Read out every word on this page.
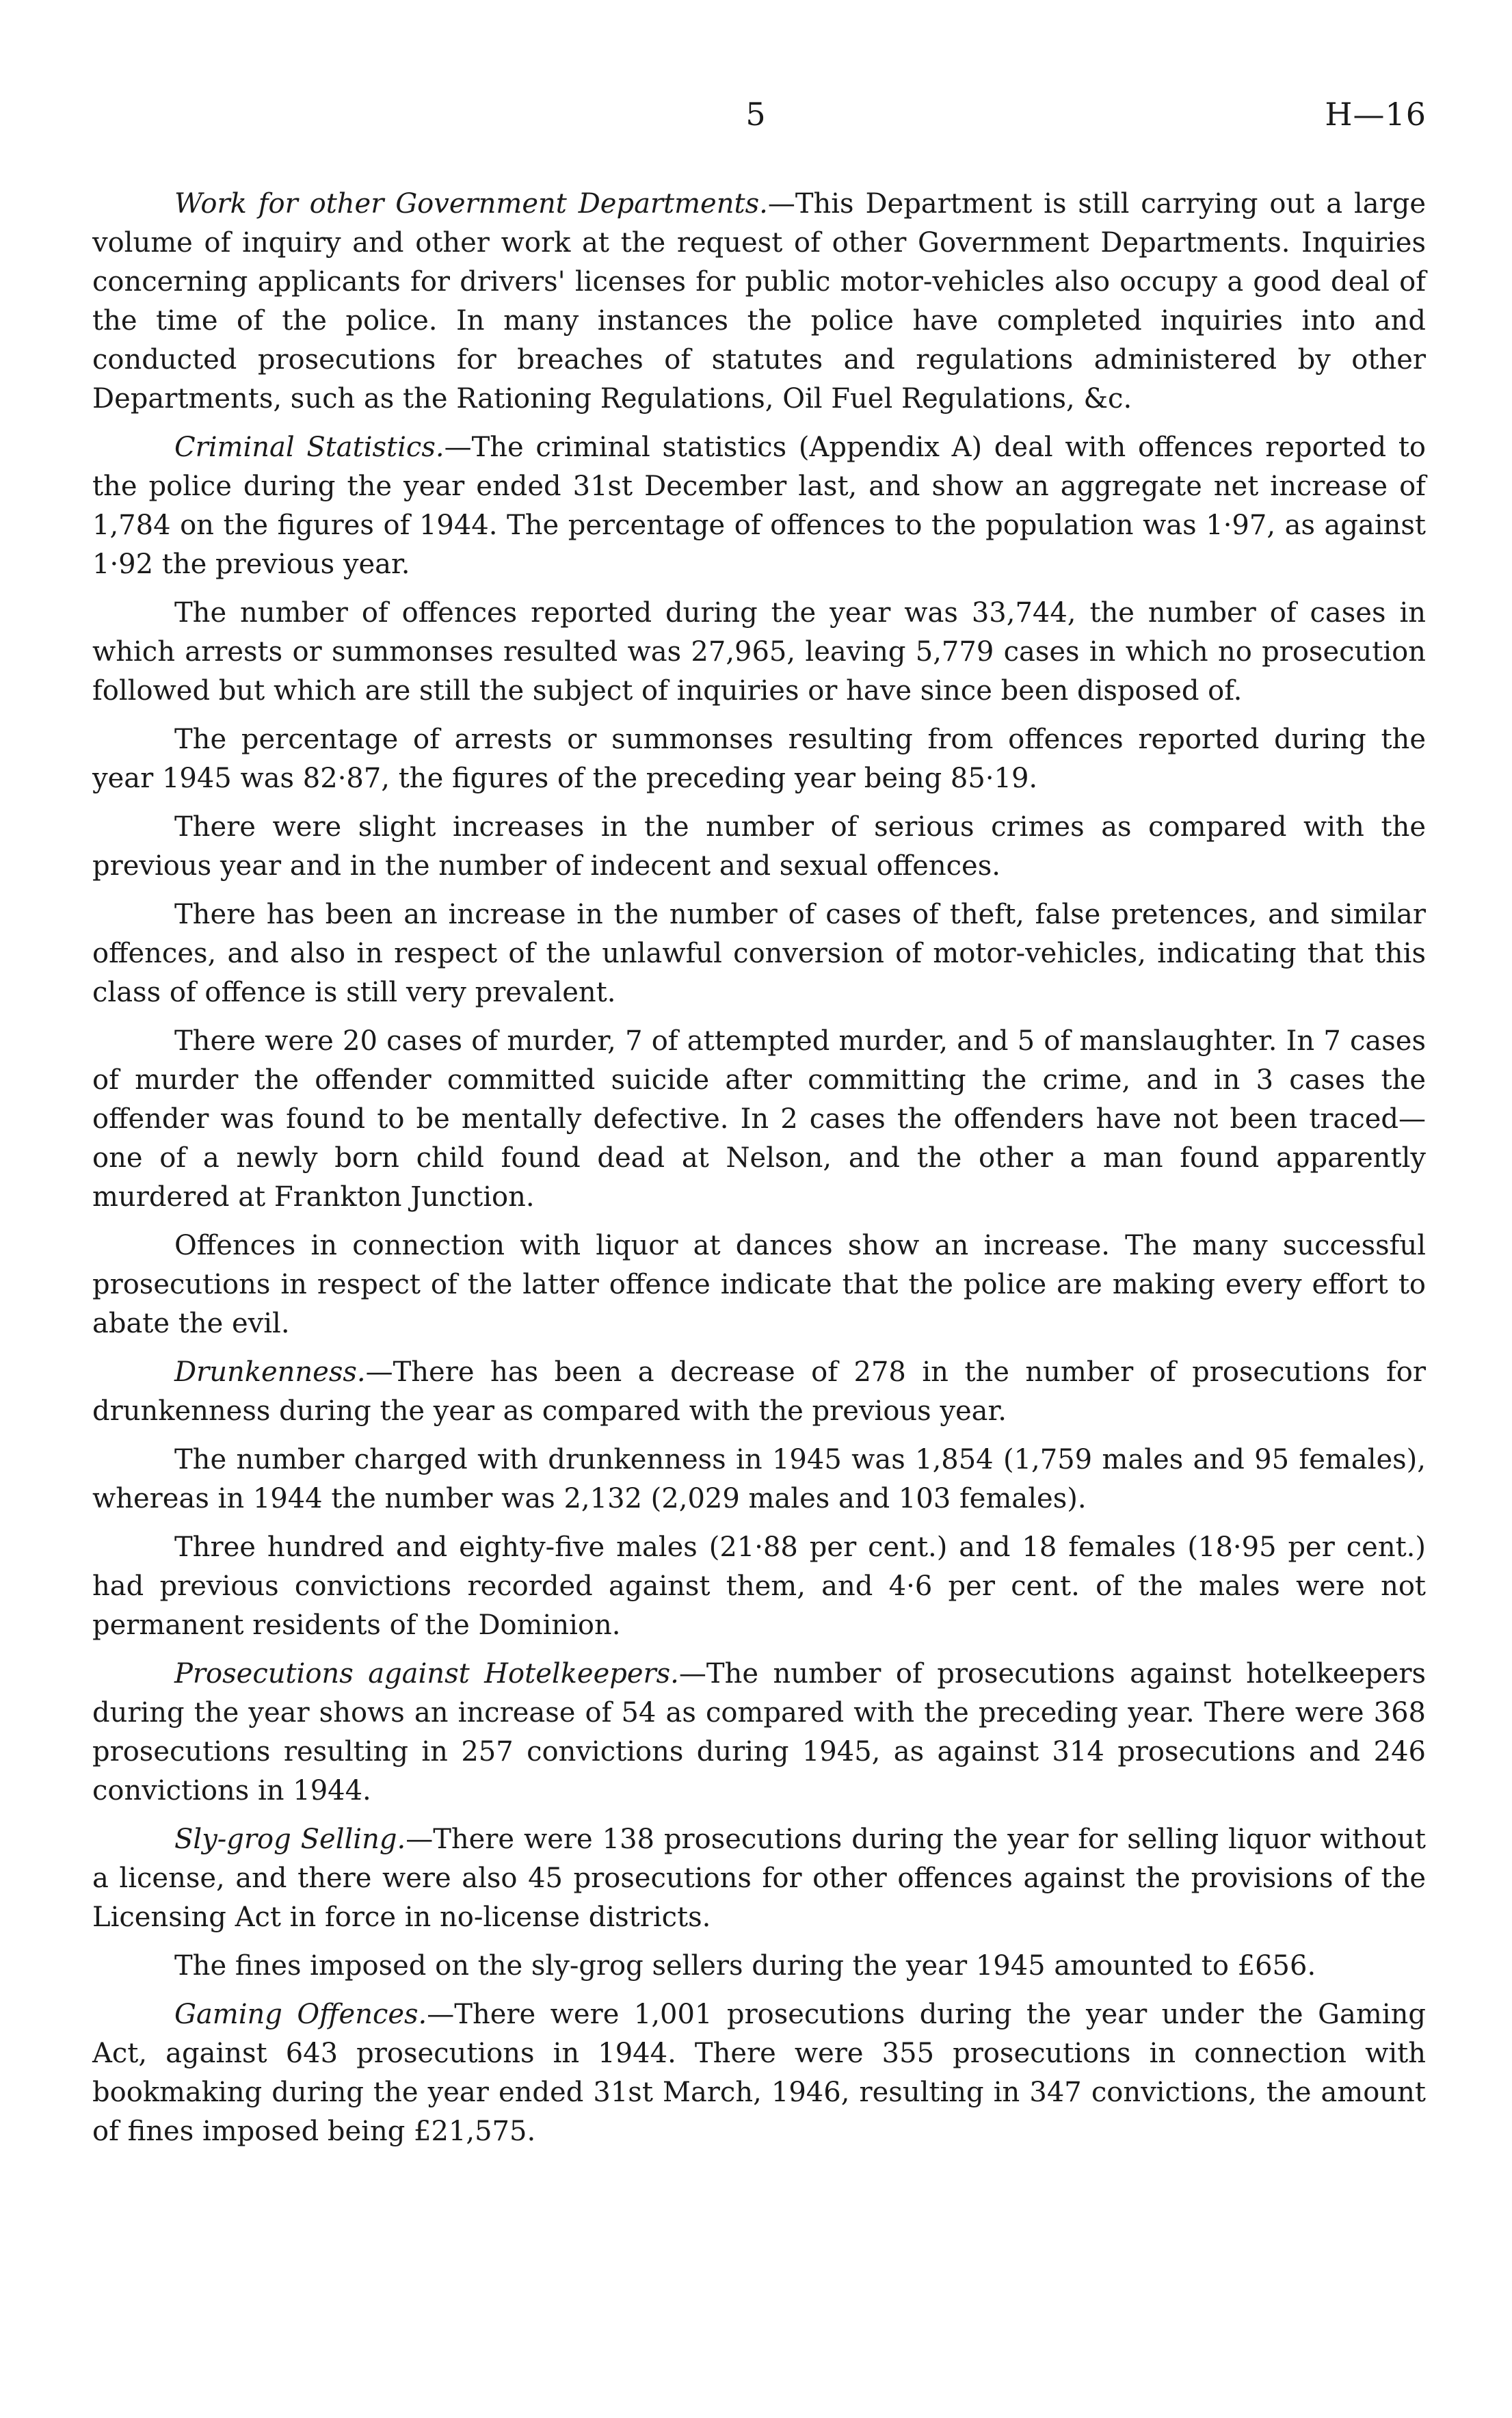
5	H—16

Work for other Government Departments.—This Department is still carrying out a large volume of inquiry and other work at the request of other Government Departments. Inquiries concerning applicants for drivers' licenses for public motor-vehicles also occupy a good deal of the time of the police. In many instances the police have completed inquiries into and conducted prosecutions for breaches of statutes and regulations administered by other Departments, such as the Rationing Regulations, Oil Fuel Regulations, &c.

Criminal Statistics.—The criminal statistics (Appendix A) deal with offences reported to the police during the year ended 31st December last, and show an aggregate net increase of 1,784 on the figures of 1944. The percentage of offences to the population was 1·97, as against 1·92 the previous year.

The number of offences reported during the year was 33,744, the number of cases in which arrests or summonses resulted was 27,965, leaving 5,779 cases in which no prosecution followed but which are still the subject of inquiries or have since been disposed of.

The percentage of arrests or summonses resulting from offences reported during the year 1945 was 82·87, the figures of the preceding year being 85·19.

There were slight increases in the number of serious crimes as compared with the previous year and in the number of indecent and sexual offences.

There has been an increase in the number of cases of theft, false pretences, and similar offences, and also in respect of the unlawful conversion of motor-vehicles, indicating that this class of offence is still very prevalent.

There were 20 cases of murder, 7 of attempted murder, and 5 of manslaughter. In 7 cases of murder the offender committed suicide after committing the crime, and in 3 cases the offender was found to be mentally defective. In 2 cases the offenders have not been traced—one of a newly born child found dead at Nelson, and the other a man found apparently murdered at Frankton Junction.

Offences in connection with liquor at dances show an increase. The many successful prosecutions in respect of the latter offence indicate that the police are making every effort to abate the evil.

Drunkenness.—There has been a decrease of 278 in the number of prosecutions for drunkenness during the year as compared with the previous year.

The number charged with drunkenness in 1945 was 1,854 (1,759 males and 95 females), whereas in 1944 the number was 2,132 (2,029 males and 103 females).

Three hundred and eighty-five males (21·88 per cent.) and 18 females (18·95 per cent.) had previous convictions recorded against them, and 4·6 per cent. of the males were not permanent residents of the Dominion.

Prosecutions against Hotelkeepers.—The number of prosecutions against hotelkeepers during the year shows an increase of 54 as compared with the preceding year. There were 368 prosecutions resulting in 257 convictions during 1945, as against 314 prosecutions and 246 convictions in 1944.

Sly-grog Selling.—There were 138 prosecutions during the year for selling liquor without a license, and there were also 45 prosecutions for other offences against the provisions of the Licensing Act in force in no-license districts.

The fines imposed on the sly-grog sellers during the year 1945 amounted to £656.

Gaming Offences.—There were 1,001 prosecutions during the year under the Gaming Act, against 643 prosecutions in 1944. There were 355 prosecutions in connection with bookmaking during the year ended 31st March, 1946, resulting in 347 convictions, the amount of fines imposed being £21,575.
